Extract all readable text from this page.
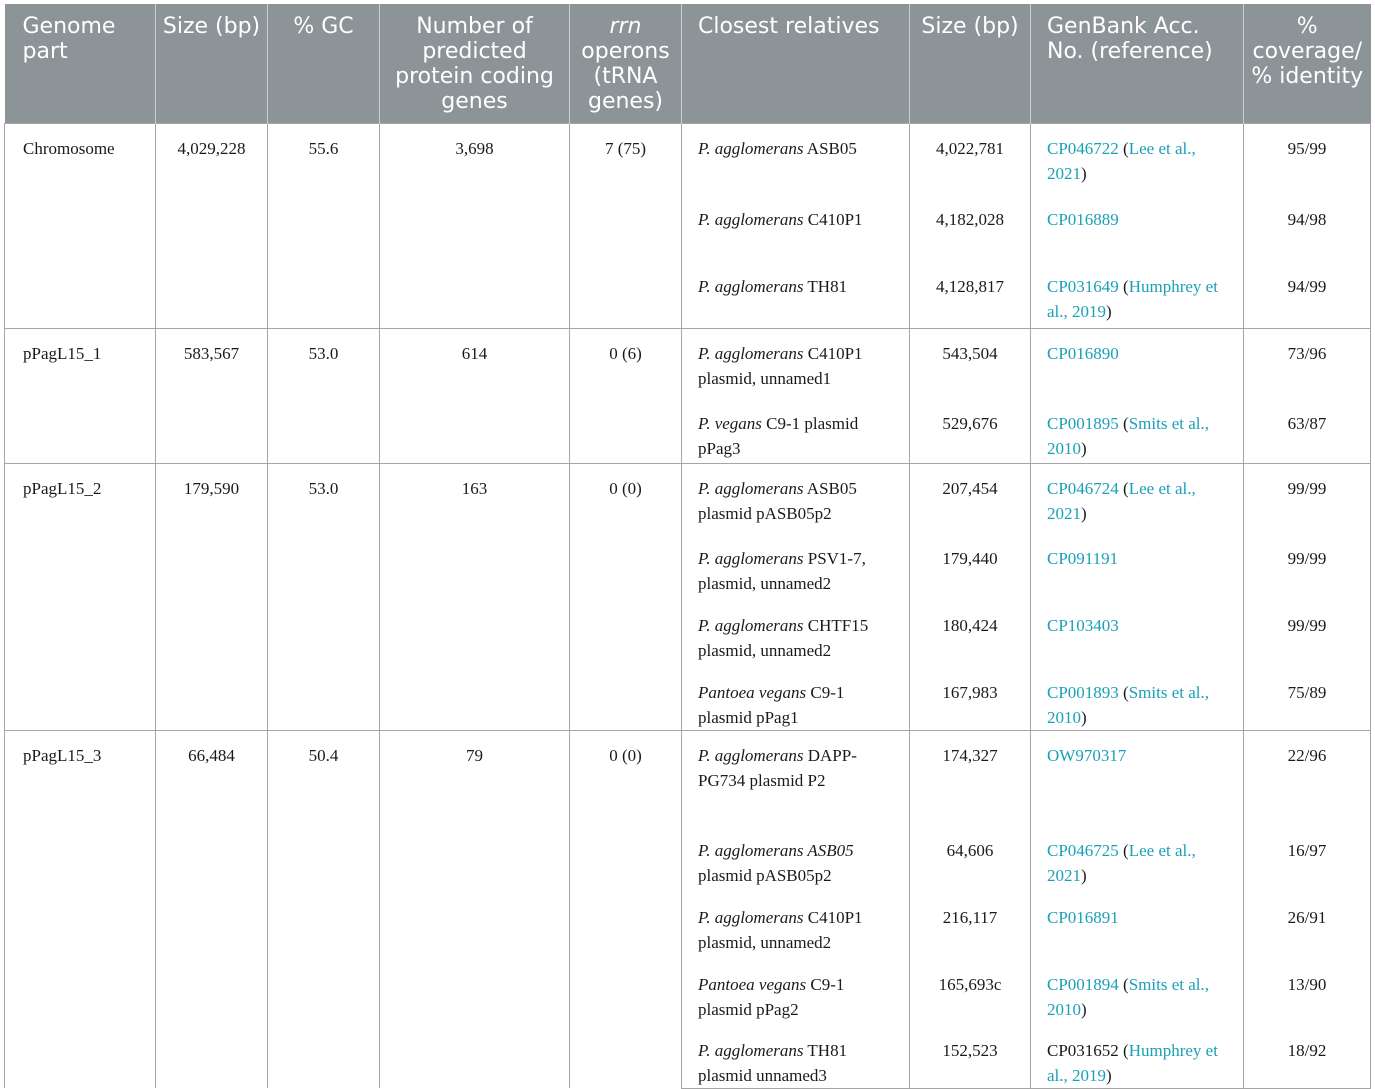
Genome part	Size (bp)	% GC	Number of predicted protein coding genes	rrn operons (tRNA genes)	Closest relatives	Size (bp)	GenBank Acc. No. (reference)	% coverage/ % identity
Chromosome	4,029,228	55.6	3,698	7 (75)	P. agglomerans ASB05	4,022,781	CP046722 (Lee et al., 2021)	95/99
					P. agglomerans C410P1	4,182,028	CP016889	94/98
					P. agglomerans TH81	4,128,817	CP031649 (Humphrey et al., 2019)	94/99
pPagL15_1	583,567	53.0	614	0 (6)	P. agglomerans C410P1 plasmid, unnamed1	543,504	CP016890	73/96
					P. vegans C9-1 plasmid pPag3	529,676	CP001895 (Smits et al., 2010)	63/87
pPagL15_2	179,590	53.0	163	0 (0)	P. agglomerans ASB05 plasmid pASB05p2	207,454	CP046724 (Lee et al., 2021)	99/99
					P. agglomerans PSV1-7, plasmid, unnamed2	179,440	CP091191	99/99
					P. agglomerans CHTF15 plasmid, unnamed2	180,424	CP103403	99/99
					Pantoea vegans C9-1 plasmid pPag1	167,983	CP001893 (Smits et al., 2010)	75/89
pPagL15_3	66,484	50.4	79	0 (0)	P. agglomerans DAPP-PG734 plasmid P2	174,327	OW970317	22/96
					P. agglomerans ASB05 plasmid pASB05p2	64,606	CP046725 (Lee et al., 2021)	16/97
					P. agglomerans C410P1 plasmid, unnamed2	216,117	CP016891	26/91
					Pantoea vegans C9-1 plasmid pPag2	165,693c	CP001894 (Smits et al., 2010)	13/90
					P. agglomerans TH81 plasmid unnamed3	152,523	CP031652 (Humphrey et al., 2019)	18/92
